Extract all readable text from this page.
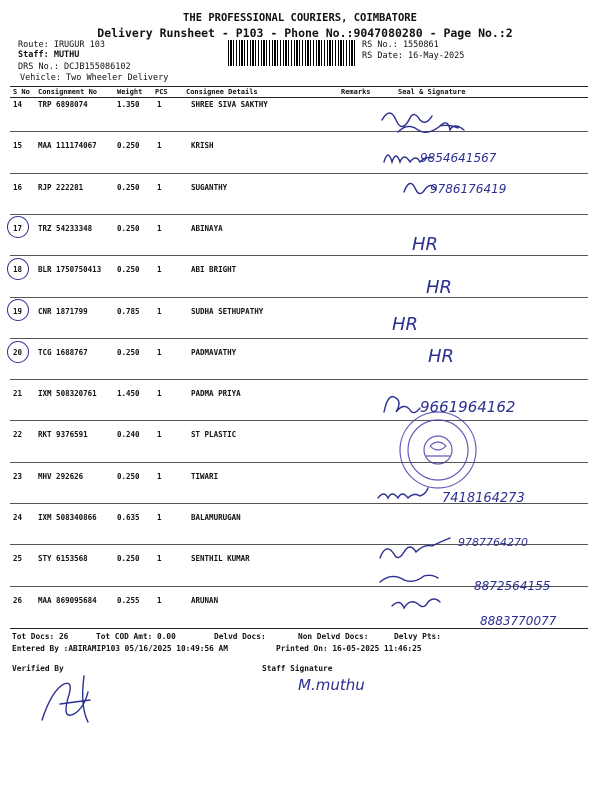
THE PROFESSIONAL COURIERS, COIMBATORE
Delivery Runsheet - P103 - Phone No.:9047080280 - Page No.:2
Route: IRUGUR 103
Staff: MUTHU
DRS No.: DCJB155086102
Vehicle: Two Wheeler Delivery
RS No.: 1550861
RS Date: 16-May-2025
S No Consignment No	Weight PCS	Consignee Details	Remarks	Seal & Signature
14 TRP 6898074	1.350 1	SHREE SIVA SAKTHY
15 MAA 111174067	0.250 1	KRISH
16 RJP 222281	0.250 1	SUGANTHY
17 TRZ 54233348	0.250 1	ABINAYA
18 BLR 1750750413 0.250 1	ABI BRIGHT
19 CNR 1871799	0.785 1	SUDHA SETHUPATHY
20 TCG 1688767	0.250 1	PADMAVATHY
21 IXM 508320761	1.450 1	PADMA PRIYA
22 RKT 9376591	0.240 1	ST PLASTIC
23 MHV 292626	0.250 1	TIWARI
24 IXM 508340866	0.635 1	BALAMURUGAN
25 STY 6153568	0.250 1	SENTHIL KUMAR
26 MAA 869095684	0.255 1	ARUNAN
9854641567
9786176419
HR
HR
HR
HR
9661964162
7418164273
9787764270
8872564155
8883770077
M.muthu
Tot Docs: 26	Tot COD Amt: 0.00	Delvd Docs:	Non Delvd Docs:	Delvy Pts:
Entered By :ABIRAMIP103 05/16/2025 10:49:56 AM	Printed On: 16-05-2025 11:46:25
Verified By	Staff Signature
